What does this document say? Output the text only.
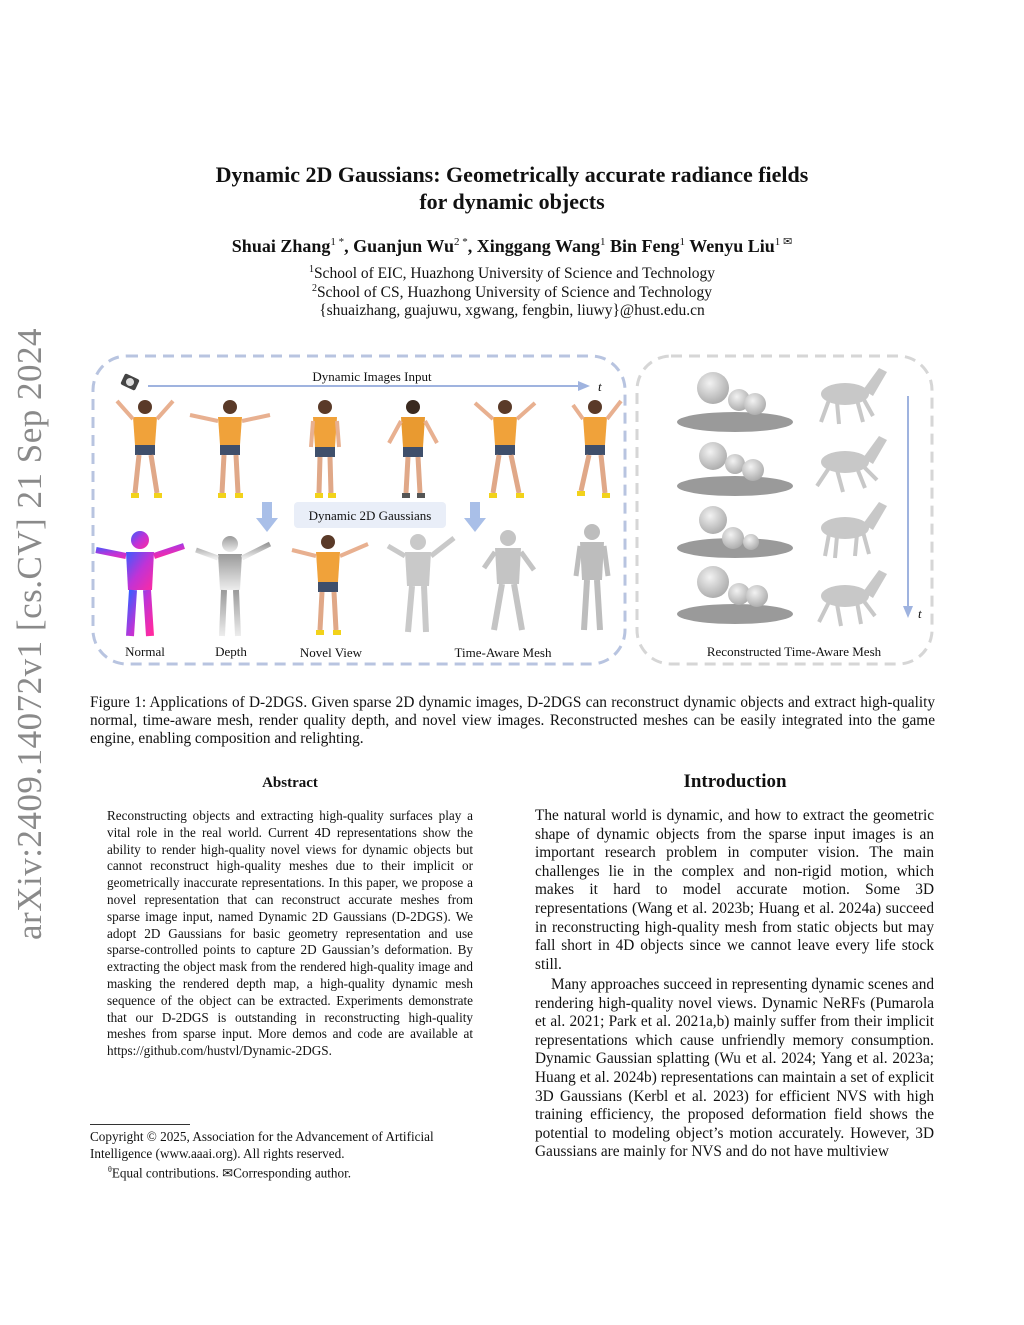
arXiv:2409.14072v1 [cs.CV] 21 Sep 2024
Dynamic 2D Gaussians: Geometrically accurate radiance fields
for dynamic objects
Shuai Zhang$^{1 *}$, Guanjun $Wu^{2 *}$, Xinggang Wang$^1$ Bin Feng$^1$ Wenyu Liu$^{1 ✉}$
$^1$School of EIC, Huazhong University of Science and Technology
$^2$School of CS, Huazhong University of Science and Technology
{shuaizhang, guajuwu, xgwang, fengbin, liuwy}@hust.edu.cn
Dynamic Images Input
t
Dynamic 2D Gaussians
Normal	Depth	Novel View	Time-Aware Mesh
t
Reconstructed Time-Aware Mesh
Figure 1: Applications of D-2DGS. Given sparse 2D dynamic images, D-2DGS can reconstruct dynamic objects and extract high-quality normal, time-aware mesh, render quality depth, and novel view images. Reconstructed meshes can be easily integrated into the game engine, enabling composition and relighting.
Abstract
Reconstructing objects and extracting high-quality surfaces play a vital role in the real world. Current 4D representations show the ability to render high-quality novel views for dynamic objects but cannot reconstruct high-quality meshes due to their implicit or geometrically inaccurate representations. In this paper, we propose a novel representation that can reconstruct accurate meshes from sparse image input, named Dynamic 2D Gaussians (D-2DGS). We adopt 2D Gaussians for basic geometry representation and use sparse-controlled points to capture 2D Gaussian’s deformation. By extracting the object mask from the rendered high-quality image and masking the rendered depth map, a high-quality dynamic mesh sequence of the object can be extracted. Experiments demonstrate that our D-2DGS is outstanding in reconstructing high-quality meshes from sparse input. More demos and code are available at https://github.com/hustvl/Dynamic-2DGS.
Copyright © 2025, Association for the Advancement of Artificial Intelligence (www.aaai.org). All rights reserved.
$^\theta$Equal contributions. ✉Corresponding author.
Introduction
The natural world is dynamic, and how to extract the geometric shape of dynamic objects from the sparse input images is an important research problem in computer vision. The main challenges lie in the complex and non-rigid motion, which makes it hard to model accurate motion. Some 3D representations (Wang et al. 2023b; Huang et al. 2024a) succeed in reconstructing high-quality mesh from static objects but may fall short in 4D objects since we cannot leave every life stock still.
Many approaches succeed in representing dynamic scenes and rendering high-quality novel views. Dynamic NeRFs (Pumarola et al. 2021; Park et al. 2021a,b) mainly suffer from their implicit representations which cause unfriendly memory consumption. Dynamic Gaussian splatting (Wu et al. 2024; Yang et al. 2023a; Huang et al. 2024b) representations can maintain a set of explicit 3D Gaussians (Kerbl et al. 2023) for efficient NVS with high training efficiency, the proposed deformation field shows the potential to modeling object’s motion accurately. However, 3D Gaussians are mainly for NVS and do not have multiview
